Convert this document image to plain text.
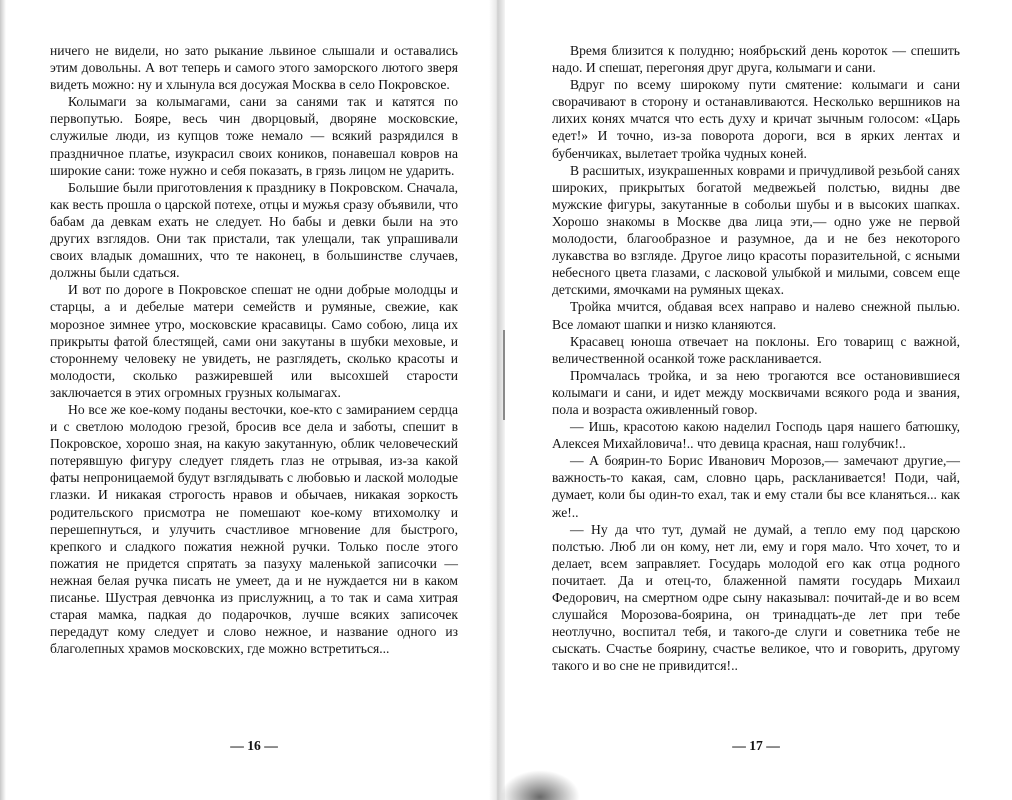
ничего не видели, но зато рыкание львиное слышали и оставались этим довольны. А вот теперь и самого этого заморского лютого зверя видеть можно: ну и хлынула вся досужая Москва в село Покровское.

Колымаги за колымагами, сани за санями так и катятся по первопутью. Бояре, весь чин дворцовый, дворяне московские, служилые люди, из купцов тоже немало — всякий разрядился в праздничное платье, изукрасил своих коников, понавешал ковров на широкие сани: тоже нужно и себя показать, в грязь лицом не ударить.

Большие были приготовления к празднику в Покровском. Сначала, как весть прошла о царской потехе, отцы и мужья сразу объявили, что бабам да девкам ехать не следует. Но бабы и девки были на это других взглядов. Они так пристали, так улещали, так упрашивали своих владык домашних, что те наконец, в большинстве случаев, должны были сдаться.

И вот по дороге в Покровское спешат не одни добрые молодцы и старцы, а и дебелые матери семейств и румяные, свежие, как морозное зимнее утро, московские красавицы. Само собою, лица их прикрыты фатой блестящей, сами они закутаны в шубки меховые, и стороннему человеку не увидеть, не разглядеть, сколько красоты и молодости, сколько разжиревшей или высохшей старости заключается в этих огромных грузных колымагах.

Но все же кое-кому поданы весточки, кое-кто с замиранием сердца и с светлою молодою грезой, бросив все дела и заботы, спешит в Покровское, хорошо зная, на какую закутанную, облик человеческий потерявшую фигуру следует глядеть глаз не отрывая, из-за какой фаты непроницаемой будут взглядывать с любовью и лаской молодые глазки. И никакая строгость нравов и обычаев, никакая зоркость родительского присмотра не помешают кое-кому втихомолку и перешепнуться, и улучить счастливое мгновение для быстрого, крепкого и сладкого пожатия нежной ручки. Только после этого пожатия не придется спрятать за пазуху маленькой записочки — нежная белая ручка писать не умеет, да и не нуждается ни в каком писанье. Шустрая девчонка из прислужниц, а то так и сама хитрая старая мамка, падкая до подарочков, лучше всяких записочек передадут кому следует и слово нежное, и название одного из благолепных храмов московских, где можно встретиться...

— 16 —

Время близится к полудню; ноябрьский день короток — спешить надо. И спешат, перегоняя друг друга, колымаги и сани.

Вдруг по всему широкому пути смятение: колымаги и сани сворачивают в сторону и останавливаются. Несколько вершников на лихих конях мчатся что есть духу и кричат зычным голосом: «Царь едет!» И точно, из-за поворота дороги, вся в ярких лентах и бубенчиках, вылетает тройка чудных коней.

В расшитых, изукрашенных коврами и причудливой резьбой санях широких, прикрытых богатой медвежьей полстью, видны две мужские фигуры, закутанные в собольи шубы и в высоких шапках. Хорошо знакомы в Москве два лица эти,— одно уже не первой молодости, благообразное и разумное, да и не без некоторого лукавства во взгляде. Другое лицо красоты поразительной, с ясными небесного цвета глазами, с ласковой улыбкой и милыми, совсем еще детскими, ямочками на румяных щеках.

Тройка мчится, обдавая всех направо и налево снежной пылью. Все ломают шапки и низко кланяются.

Красавец юноша отвечает на поклоны. Его товарищ с важной, величественной осанкой тоже раскланивается.

Промчалась тройка, и за нею трогаются все остановившиеся колымаги и сани, и идет между москвичами всякого рода и звания, пола и возраста оживленный говор.

— Ишь, красотою какою наделил Господь царя нашего батюшку, Алексея Михайловича!.. что девица красная, наш голубчик!..

— А боярин-то Борис Иванович Морозов,— замечают другие,— важность-то какая, сам, словно царь, раскланивается! Поди, чай, думает, коли бы один-то ехал, так и ему стали бы все кланяться... как же!..

— Ну да что тут, думай не думай, а тепло ему под царскою полстью. Люб ли он кому, нет ли, ему и горя мало. Что хочет, то и делает, всем заправляет. Государь молодой его как отца родного почитает. Да и отец-то, блаженной памяти государь Михаил Федорович, на смертном одре сыну наказывал: почитай-де и во всем слушайся Морозова-боярина, он тринадцать-де лет при тебе неотлучно, воспитал тебя, и такого-де слуги и советника тебе не сыскать. Счастье боярину, счастье великое, что и говорить, другому такого и во сне не привидится!..

— 17 —
